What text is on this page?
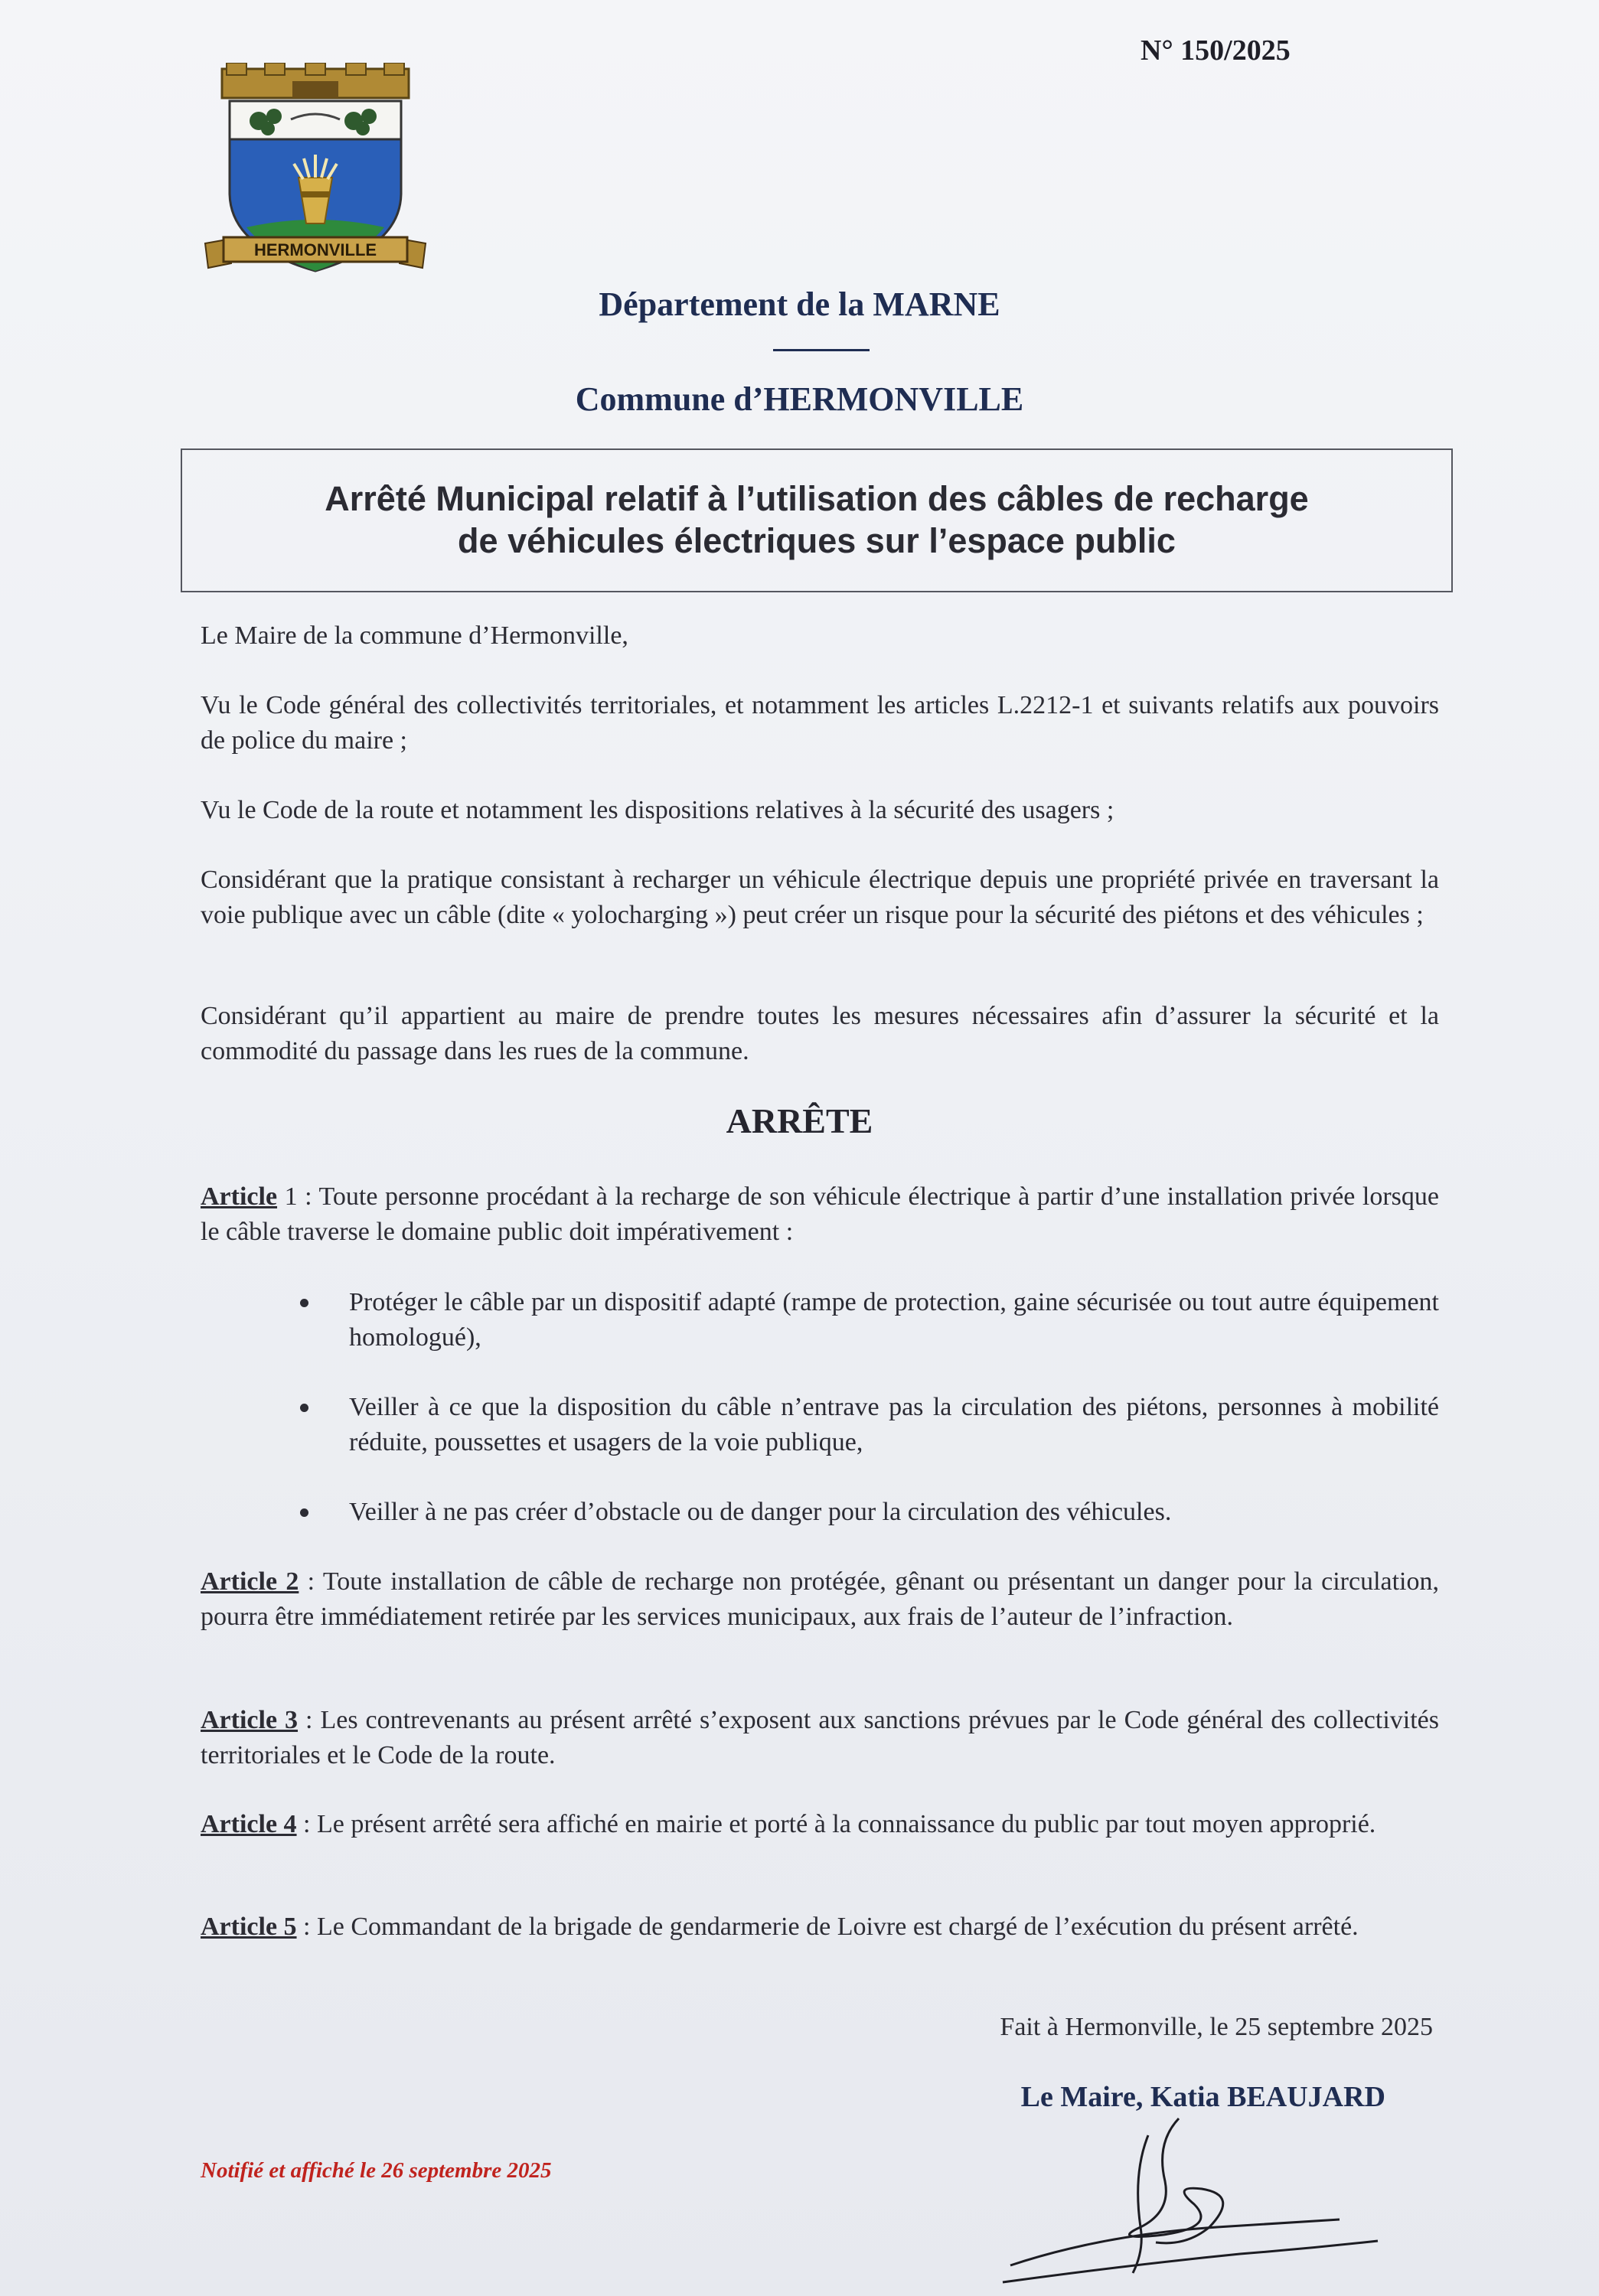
N° 150/2025
HERMONVILLE
Département de la MARNE
Commune d’HERMONVILLE
Arrêté Municipal relatif à l’utilisation des câbles de recharge
de véhicules électriques sur l’espace public
Le Maire de la commune d’Hermonville,
Vu le Code général des collectivités territoriales, et notamment les articles L.2212-1 et suivants relatifs aux pouvoirs de police du maire ;
Vu le Code de la route et notamment les dispositions relatives à la sécurité des usagers ;
Considérant que la pratique consistant à recharger un véhicule électrique depuis une propriété privée en traversant la voie publique avec un câble (dite « yolocharging ») peut créer un risque pour la sécurité des piétons et des véhicules ;
Considérant qu’il appartient au maire de prendre toutes les mesures nécessaires afin d’assurer la sécurité et la commodité du passage dans les rues de la commune.
ARRÊTE
Article 1 : Toute personne procédant à la recharge de son véhicule électrique à partir d’une installation privée lorsque le câble traverse le domaine public doit impérativement :
Protéger le câble par un dispositif adapté (rampe de protection, gaine sécurisée ou tout autre équipement homologué),
Veiller à ce que la disposition du câble n’entrave pas la circulation des piétons, personnes à mobilité réduite, poussettes et usagers de la voie publique,
Veiller à ne pas créer d’obstacle ou de danger pour la circulation des véhicules.
Article 2 : Toute installation de câble de recharge non protégée, gênant ou présentant un danger pour la circulation, pourra être immédiatement retirée par les services municipaux, aux frais de l’auteur de l’infraction.
Article 3 : Les contrevenants au présent arrêté s’exposent aux sanctions prévues par le Code général des collectivités territoriales et le Code de la route.
Article 4 : Le présent arrêté sera affiché en mairie et porté à la connaissance du public par tout moyen approprié.
Article 5 : Le Commandant de la brigade de gendarmerie de Loivre est chargé de l’exécution du présent arrêté.
Fait à Hermonville, le 25 septembre 2025
Le Maire, Katia BEAUJARD
Notifié et affiché le 26 septembre 2025
